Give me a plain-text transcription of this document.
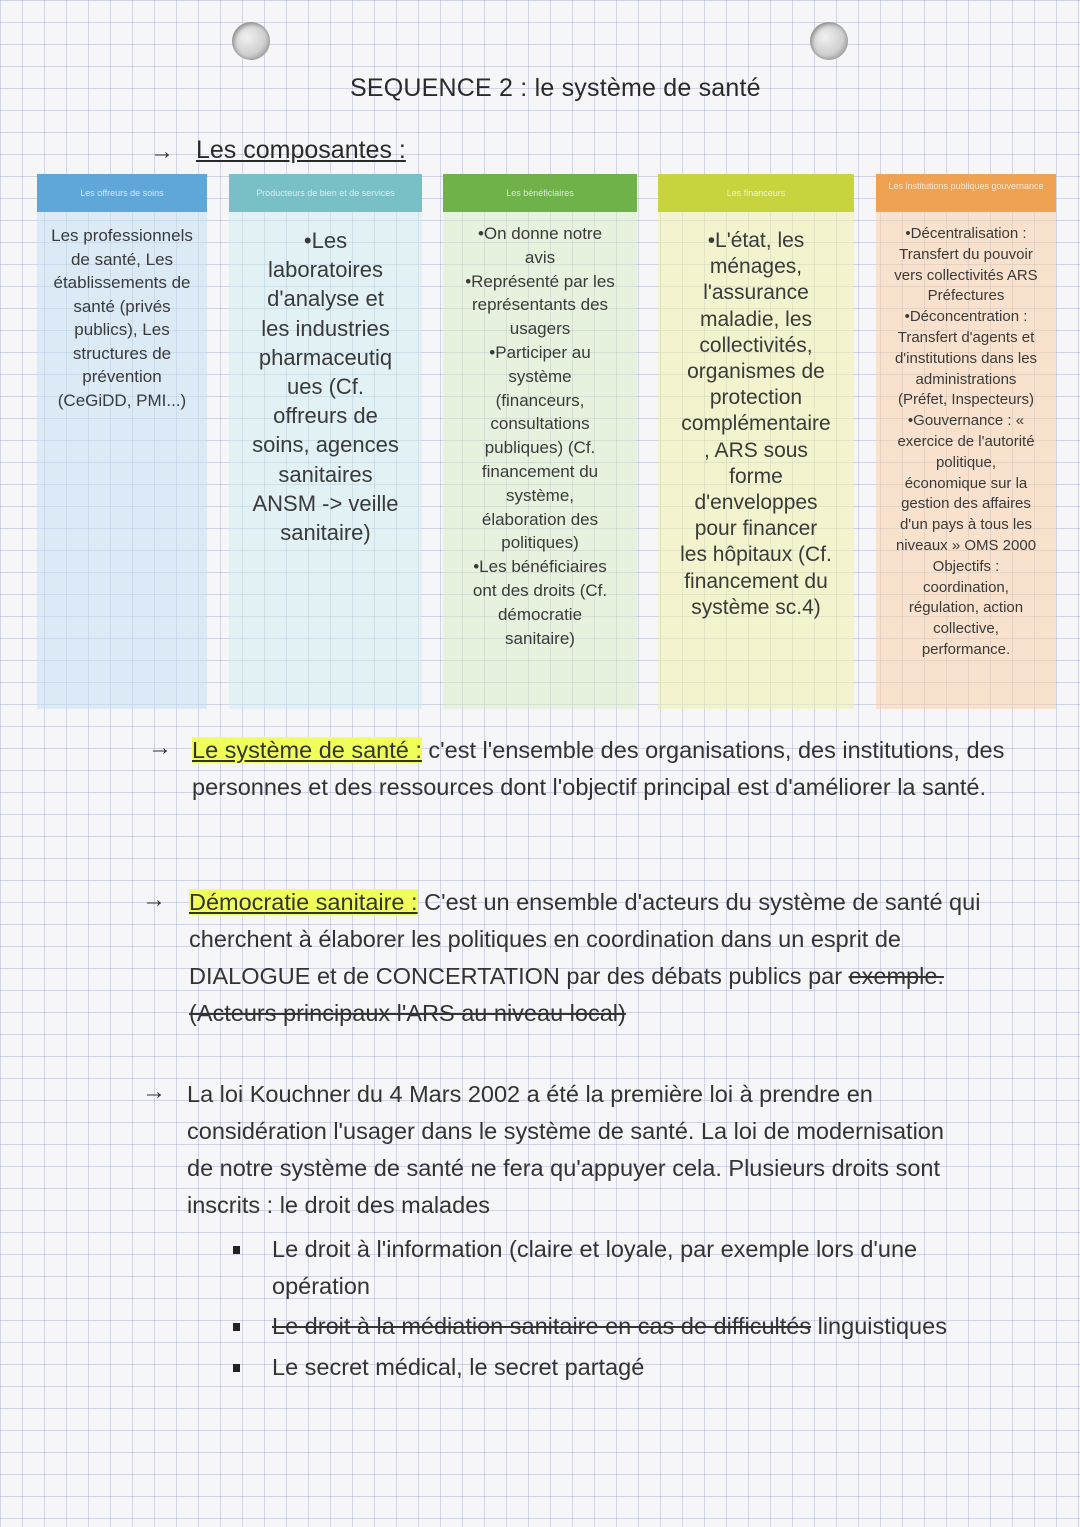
SEQUENCE 2 : le système de santé
→ Les composantes :
Les offreurs de soins

Les professionnels
de santé, Les
établissements de
santé (privés
publics), Les
structures de
prévention
(CeGiDD, PMI...)

Producteurs de bien et de services

•Les
laboratoires
d'analyse et
les industries
pharmaceutiq
ues (Cf.
offreurs de
soins, agences
sanitaires
ANSM -> veille
sanitaire)

Les bénéficiaires

•On donne notre
avis
•Représenté par les
représentants des
usagers
•Participer au
système
(financeurs,
consultations
publiques) (Cf.
financement du
système,
élaboration des
politiques)
•Les bénéficiaires
ont des droits (Cf.
démocratie
sanitaire)

Les financeurs

•L'état, les
ménages,
l'assurance
maladie, les
collectivités,
organismes de
protection
complémentaire
, ARS sous
forme
d'enveloppes
pour financer
les hôpitaux (Cf.
financement du
système sc.4)

Les institutions publiques gouvernance

•Décentralisation :
Transfert du pouvoir
vers collectivités ARS
Préfectures
•Déconcentration :
Transfert d'agents et
d'institutions dans les
administrations
(Préfet, Inspecteurs)
•Gouvernance : «
exercice de l'autorité
politique,
économique sur la
gestion des affaires
d'un pays à tous les
niveaux » OMS 2000
Objectifs :
coordination,
régulation, action
collective,
performance.

→ Le système de santé : c'est l'ensemble des organisations, des institutions, des personnes et des ressources dont l'objectif principal est d'améliorer la santé.
→ Démocratie sanitaire : C'est un ensemble d'acteurs du système de santé qui cherchent à élaborer les politiques en coordination dans un esprit de DIALOGUE et de CONCERTATION par des débats publics par exemple. (Acteurs principaux l'ARS au niveau local)
→ La loi Kouchner du 4 Mars 2002 a été la première loi à prendre en considération l'usager dans le système de santé. La loi de modernisation de notre système de santé ne fera qu'appuyer cela. Plusieurs droits sont inscrits : le droit des malades
Le droit à l'information (claire et loyale, par exemple lors d'une opération
Le droit à la médiation sanitaire en cas de difficultés linguistiques
Le secret médical, le secret partagé
